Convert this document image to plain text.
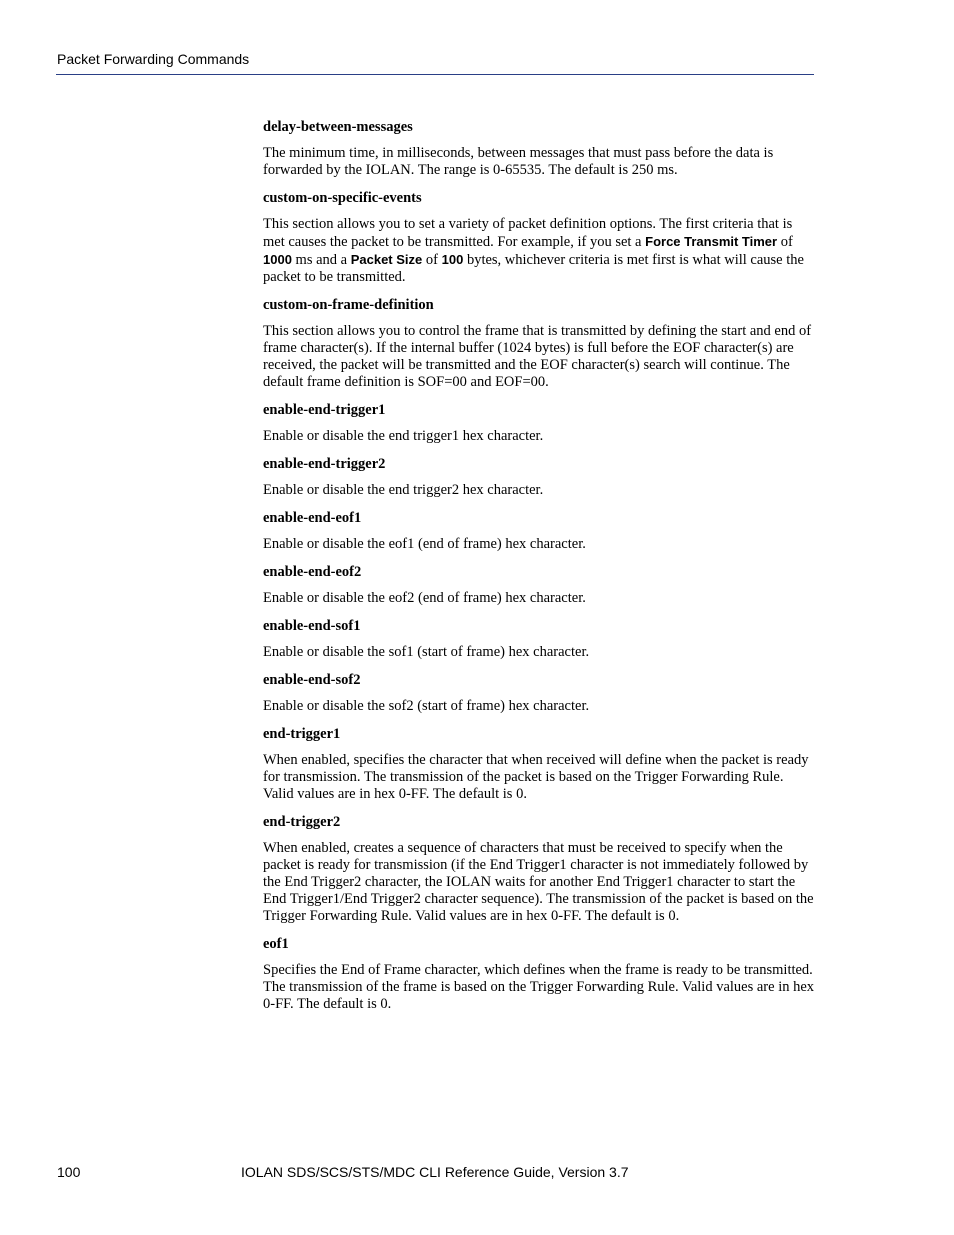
Packet Forwarding Commands

delay-between-messages

The minimum time, in milliseconds, between messages that must pass before the data is forwarded by the IOLAN. The range is 0-65535. The default is 250 ms.

custom-on-specific-events

This section allows you to set a variety of packet definition options. The first criteria that is met causes the packet to be transmitted. For example, if you set a Force Transmit Timer of 1000 ms and a Packet Size of 100 bytes, whichever criteria is met first is what will cause the packet to be transmitted.

custom-on-frame-definition

This section allows you to control the frame that is transmitted by defining the start and end of frame character(s). If the internal buffer (1024 bytes) is full before the EOF character(s) are received, the packet will be transmitted and the EOF character(s) search will continue. The default frame definition is SOF=00 and EOF=00.

enable-end-trigger1

Enable or disable the end trigger1 hex character.

enable-end-trigger2

Enable or disable the end trigger2 hex character.

enable-end-eof1

Enable or disable the eof1 (end of frame) hex character.

enable-end-eof2

Enable or disable the eof2 (end of frame) hex character.

enable-end-sof1

Enable or disable the sof1 (start of frame) hex character.

enable-end-sof2

Enable or disable the sof2 (start of frame) hex character.

end-trigger1

When enabled, specifies the character that when received will define when the packet is ready for transmission. The transmission of the packet is based on the Trigger Forwarding Rule. Valid values are in hex 0-FF. The default is 0.

end-trigger2

When enabled, creates a sequence of characters that must be received to specify when the packet is ready for transmission (if the End Trigger1 character is not immediately followed by the End Trigger2 character, the IOLAN waits for another End Trigger1 character to start the End Trigger1/End Trigger2 character sequence). The transmission of the packet is based on the Trigger Forwarding Rule. Valid values are in hex 0-FF. The default is 0.

eof1

Specifies the End of Frame character, which defines when the frame is ready to be transmitted. The transmission of the frame is based on the Trigger Forwarding Rule. Valid values are in hex 0-FF. The default is 0.

100	IOLAN SDS/SCS/STS/MDC CLI Reference Guide, Version 3.7
